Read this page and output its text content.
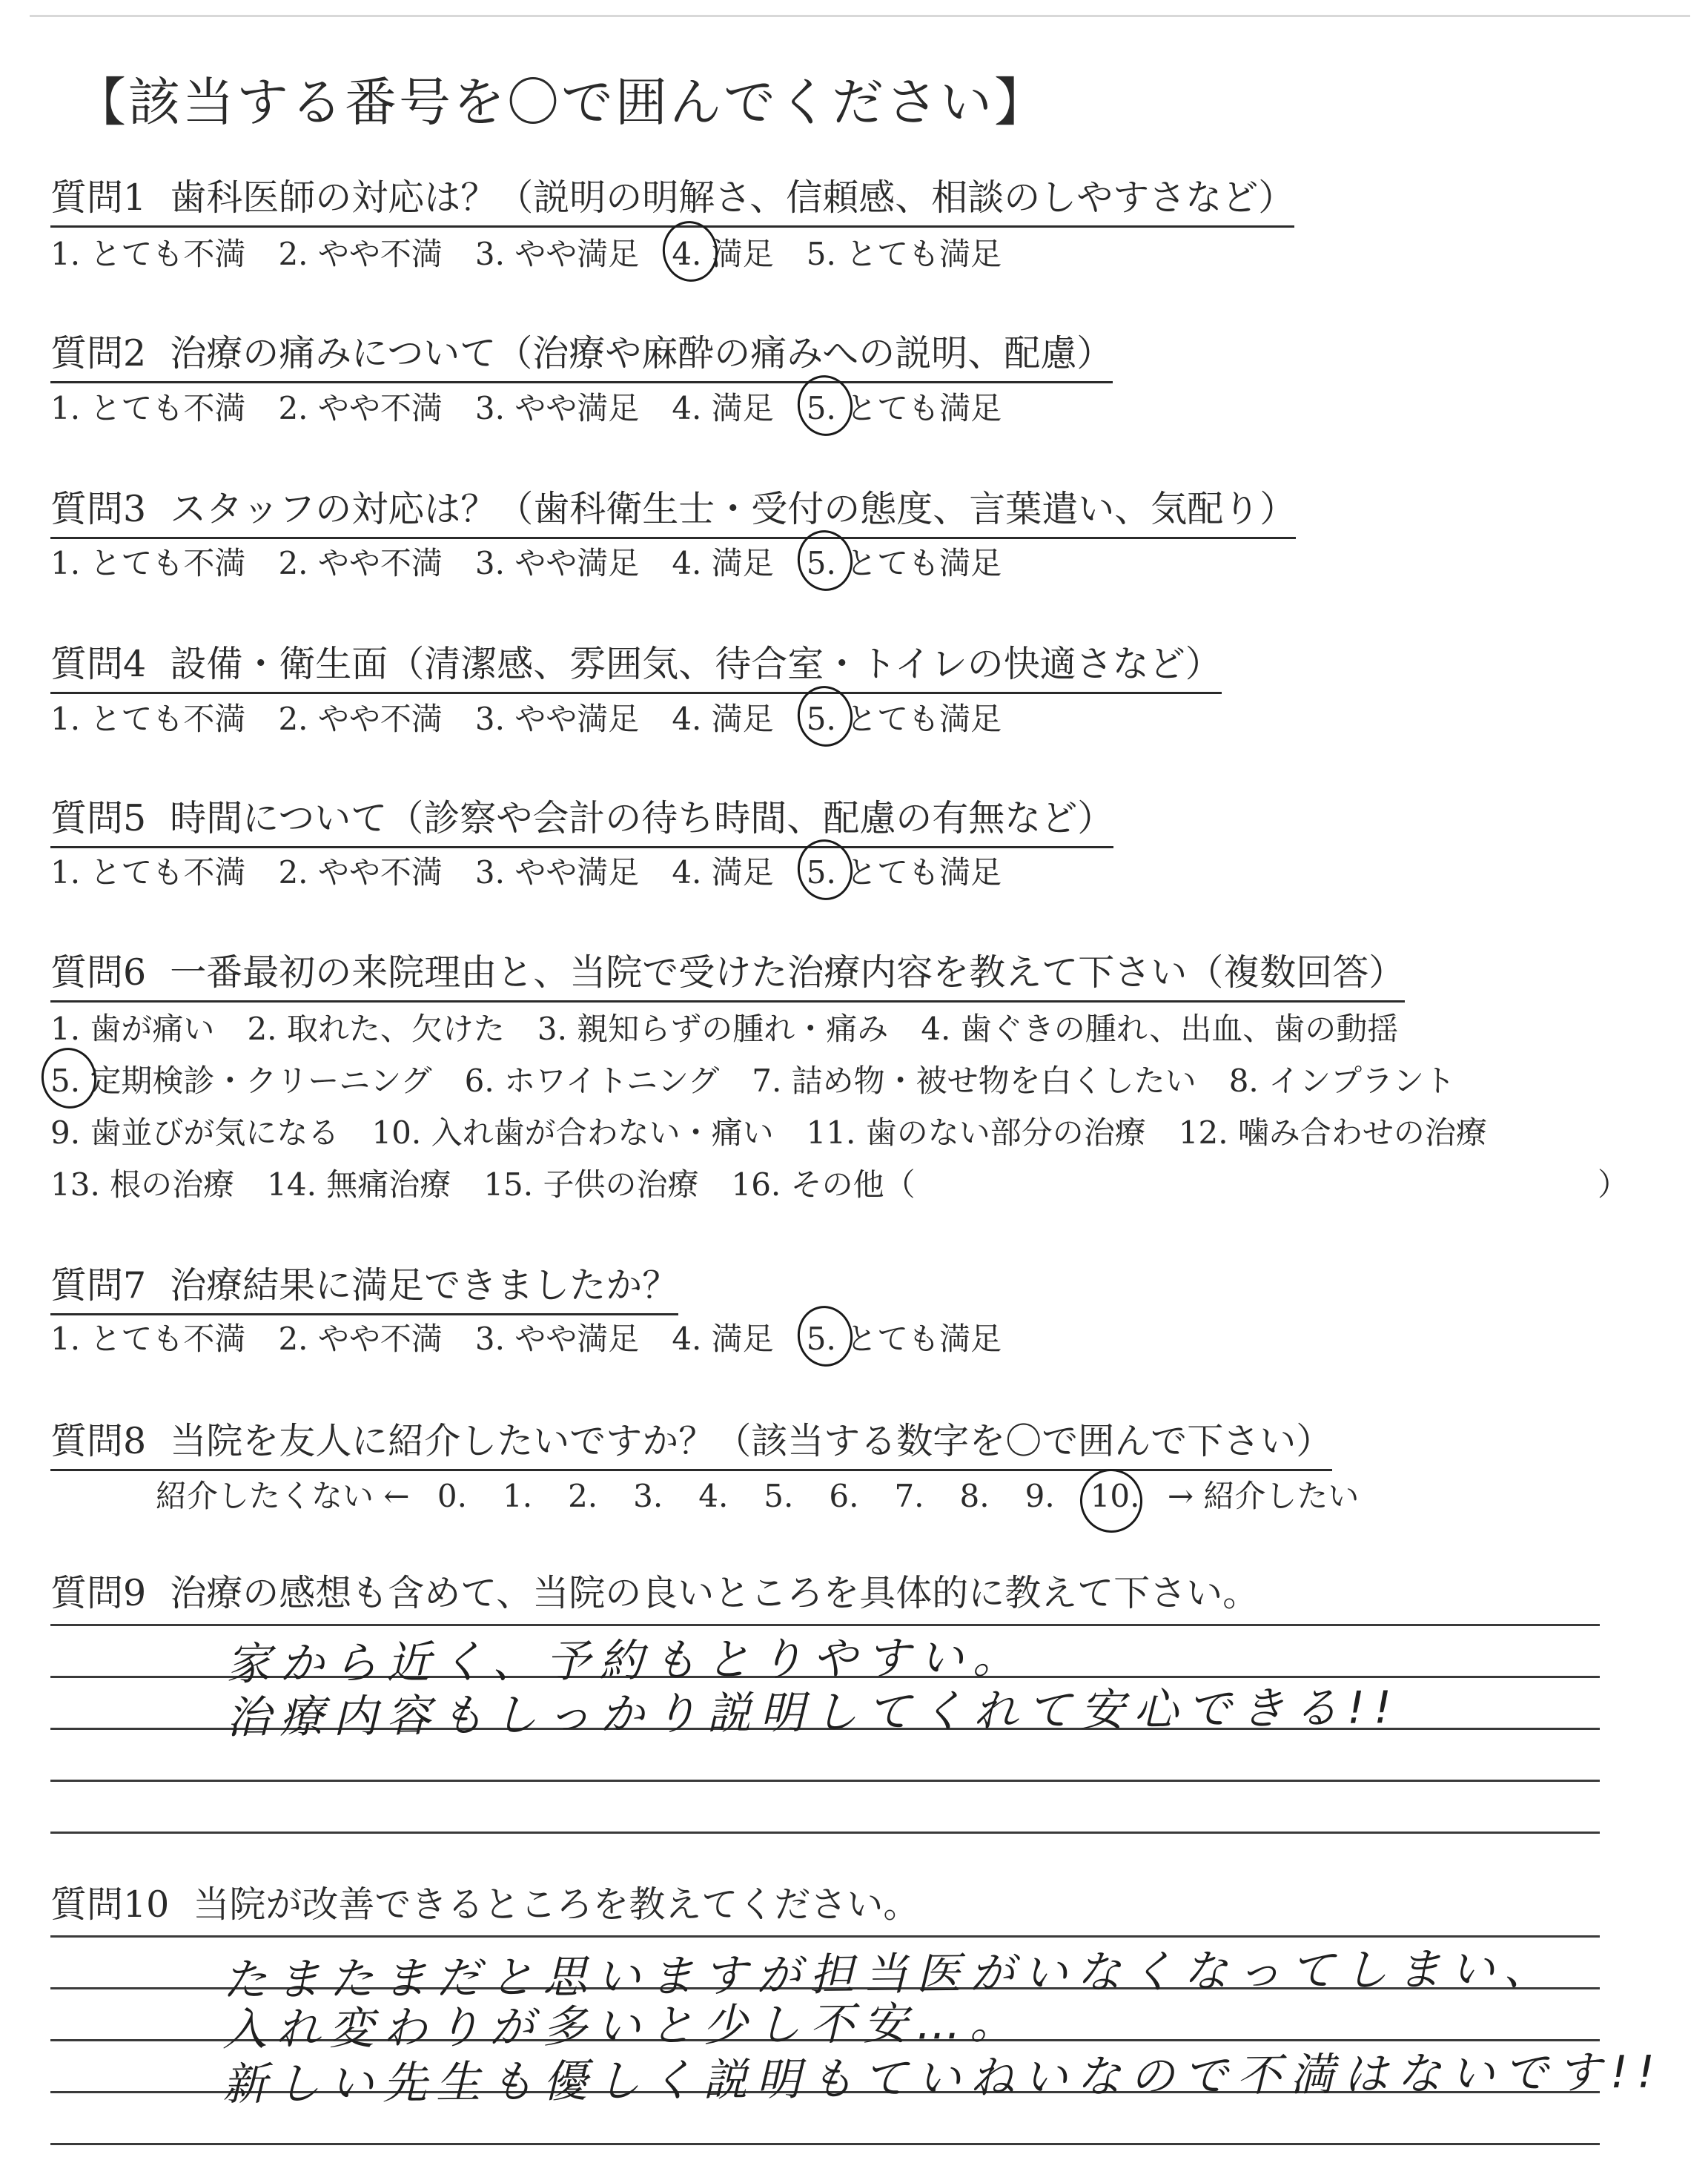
【該当する番号を〇で囲んでください】
質問1 歯科医師の対応は？（説明の明解さ、信頼感、相談のしやすさなど）
1. とても不満 2. やや不満 3. やや満足 4. 満足 5. とても満足
質問2 治療の痛みについて（治療や麻酔の痛みへの説明、配慮）
1. とても不満 2. やや不満 3. やや満足 4. 満足 5. とても満足
質問3 スタッフの対応は？（歯科衛生士・受付の態度、言葉遣い、気配り）
1. とても不満 2. やや不満 3. やや満足 4. 満足 5. とても満足
質問4 設備・衛生面（清潔感、雰囲気、待合室・トイレの快適さなど）
1. とても不満 2. やや不満 3. やや満足 4. 満足 5. とても満足
質問5 時間について（診察や会計の待ち時間、配慮の有無など）
1. とても不満 2. やや不満 3. やや満足 4. 満足 5. とても満足
質問6 一番最初の来院理由と、当院で受けた治療内容を教えて下さい（複数回答）
1. 歯が痛い 2. 取れた、欠けた 3. 親知らずの腫れ・痛み 4. 歯ぐきの腫れ、出血、歯の動揺
5. 定期検診・クリーニング 6. ホワイトニング 7. 詰め物・被せ物を白くしたい 8. インプラント
9. 歯並びが気になる 10. 入れ歯が合わない・痛い 11. 歯のない部分の治療 12. 噛み合わせの治療
13. 根の治療 14. 無痛治療 15. 子供の治療 16. その他（	）
質問7 治療結果に満足できましたか？
1. とても不満 2. やや不満 3. やや満足 4. 満足 5. とても満足
質問8 当院を友人に紹介したいですか？（該当する数字を〇で囲んで下さい）
紹介したくない ← 0. 1. 2. 3. 4. 5. 6. 7. 8. 9. 10. → 紹介したい
質問9 治療の感想も含めて、当院の良いところを具体的に教えて下さい。
家から近く、予約もとりやすい。
治療内容もしっかり説明してくれて安心できる!!
質問10 当院が改善できるところを教えてください。
たまたまだと思いますが担当医がいなくなってしまい、
入れ変わりが多いと少し不安…。
新しい先生も優しく説明もていねいなので不満はないです!!
